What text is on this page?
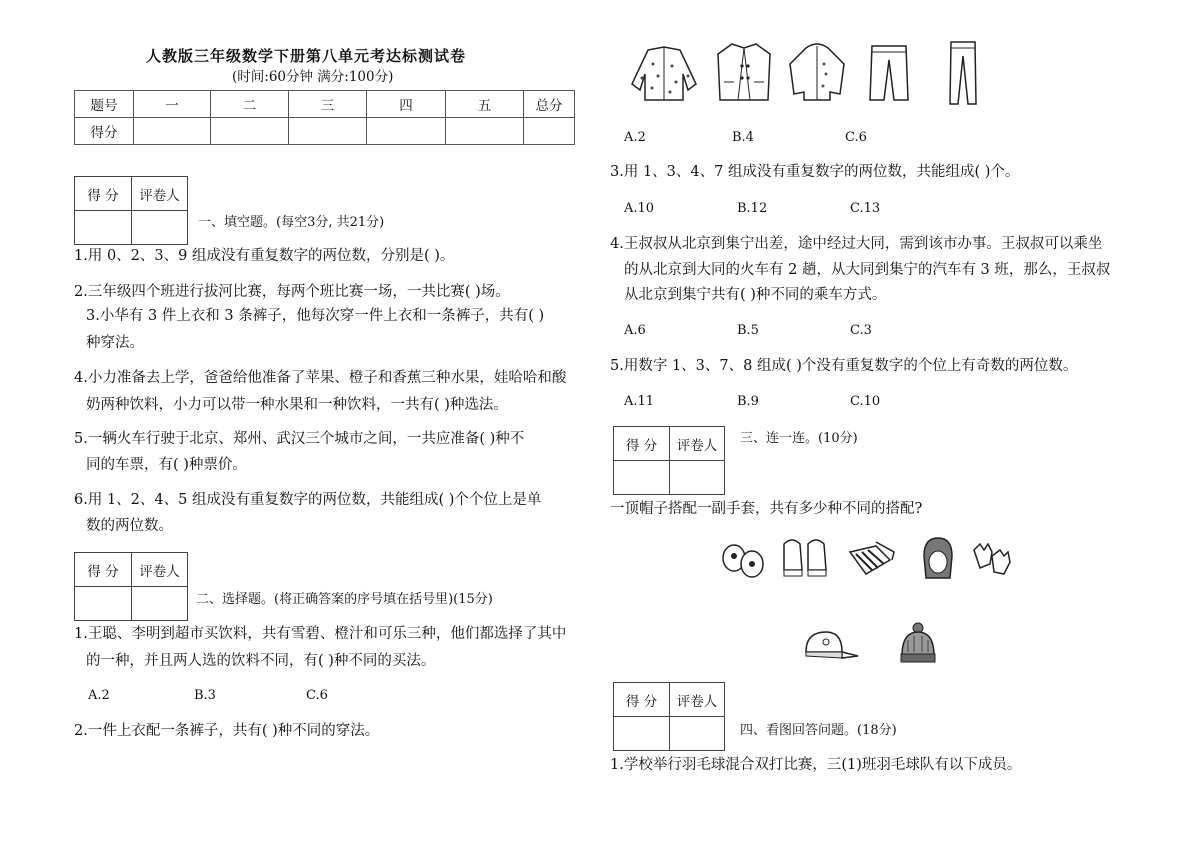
人教版三年级数学下册第八单元考达标测试卷
(时间:60分钟 满分:100分)
题号	一	二	三	四	五	总分
得分						
得 分	评卷人

一、填空题。(每空3分, 共21分)
1.用 0、2、3、9 组成没有重复数字的两位数，分别是( )。
2.三年级四个班进行拔河比赛，每两个班比赛一场，一共比赛( )场。
3.小华有 3 件上衣和 3 条裤子，他每次穿一件上衣和一条裤子，共有( )
种穿法。
4.小力准备去上学，爸爸给他准备了苹果、橙子和香蕉三种水果，娃哈哈和酸
奶两种饮料，小力可以带一种水果和一种饮料，一共有( )种选法。
5.一辆火车行驶于北京、郑州、武汉三个城市之间，一共应准备( )种不
同的车票，有( )种票价。
6.用 1、2、4、5 组成没有重复数字的两位数，共能组成( )个个位上是单
数的两位数。
得 分	评卷人

二、选择题。(将正确答案的序号填在括号里)(15分)
1.王聪、李明到超市买饮料，共有雪碧、橙汁和可乐三种，他们都选择了其中
的一种，并且两人选的饮料不同，有( )种不同的买法。
A.2	B.3	C.6
2.一件上衣配一条裤子，共有( )种不同的穿法。
A.2	B.4	C.6
3.用 1、3、4、7 组成没有重复数字的两位数，共能组成( )个。
A.10	B.12	C.13
4.王叔叔从北京到集宁出差，途中经过大同，需到该市办事。王叔叔可以乘坐
的从北京到大同的火车有 2 趟，从大同到集宁的汽车有 3 班，那么，王叔叔
从北京到集宁共有( )种不同的乘车方式。
A.6	B.5	C.3
5.用数字 1、3、7、8 组成( )个没有重复数字的个位上有奇数的两位数。
A.11	B.9	C.10
得 分	评卷人
	三、连一连。(10分)
一顶帽子搭配一副手套，共有多少种不同的搭配?
得 分	评卷人

四、看图回答问题。(18分)
1.学校举行羽毛球混合双打比赛，三(1)班羽毛球队有以下成员。
